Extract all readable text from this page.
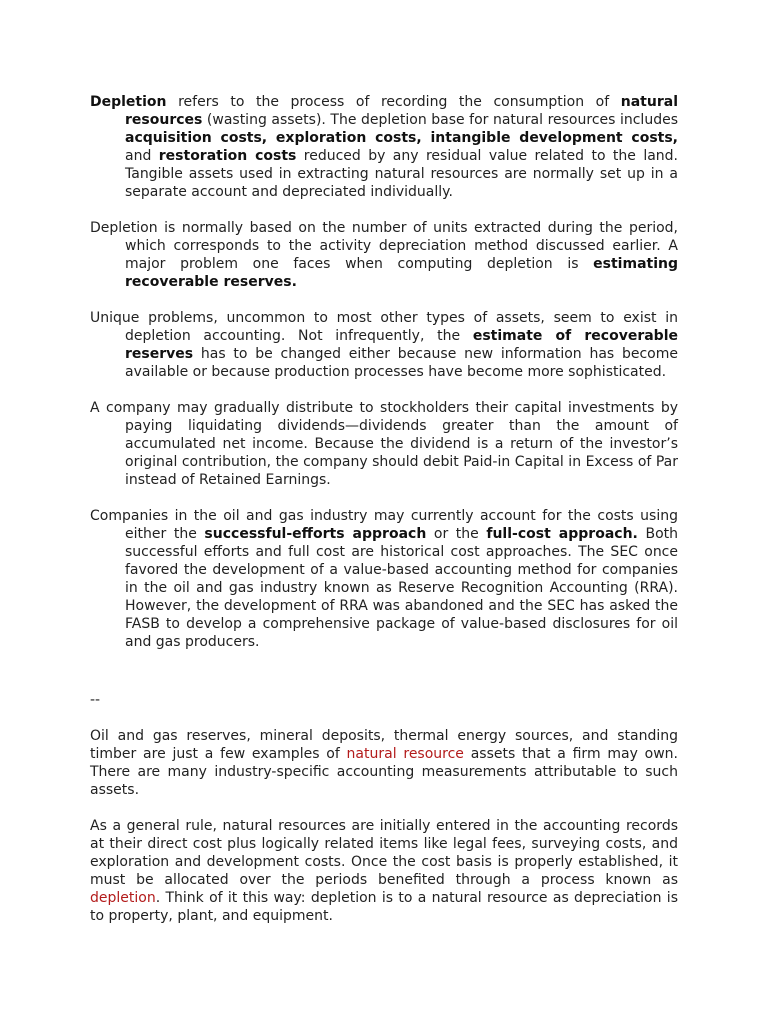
Depletion refers to the process of recording the consumption of natural resources (wasting assets). The depletion base for natural resources includes acquisition costs, exploration costs, intangible development costs, and restoration costs reduced by any residual value related to the land. Tangible assets used in extracting natural resources are normally set up in a separate account and depreciated individually.

Depletion is normally based on the number of units extracted during the period, which corresponds to the activity depreciation method discussed earlier. A major problem one faces when computing depletion is estimating recoverable reserves.

Unique problems, uncommon to most other types of assets, seem to exist in depletion accounting. Not infrequently, the estimate of recoverable reserves has to be changed either because new information has become available or because production processes have become more sophisticated.

A company may gradually distribute to stockholders their capital investments by paying liquidating dividends—dividends greater than the amount of accumulated net income. Because the dividend is a return of the investor’s original contribution, the company should debit Paid-in Capital in Excess of Par instead of Retained Earnings.

Companies in the oil and gas industry may currently account for the costs using either the successful-efforts approach or the full-cost approach. Both successful efforts and full cost are historical cost approaches. The SEC once favored the development of a value-based accounting method for companies in the oil and gas industry known as Reserve Recognition Accounting (RRA). However, the development of RRA was abandoned and the SEC has asked the FASB to develop a comprehensive package of value-based disclosures for oil and gas producers.

--

Oil and gas reserves, mineral deposits, thermal energy sources, and standing timber are just a few examples of natural resource assets that a firm may own. There are many industry-specific accounting measurements attributable to such assets.

As a general rule, natural resources are initially entered in the accounting records at their direct cost plus logically related items like legal fees, surveying costs, and exploration and development costs. Once the cost basis is properly established, it must be allocated over the periods benefited through a process known as depletion. Think of it this way: depletion is to a natural resource as depreciation is to property, plant, and equipment.
